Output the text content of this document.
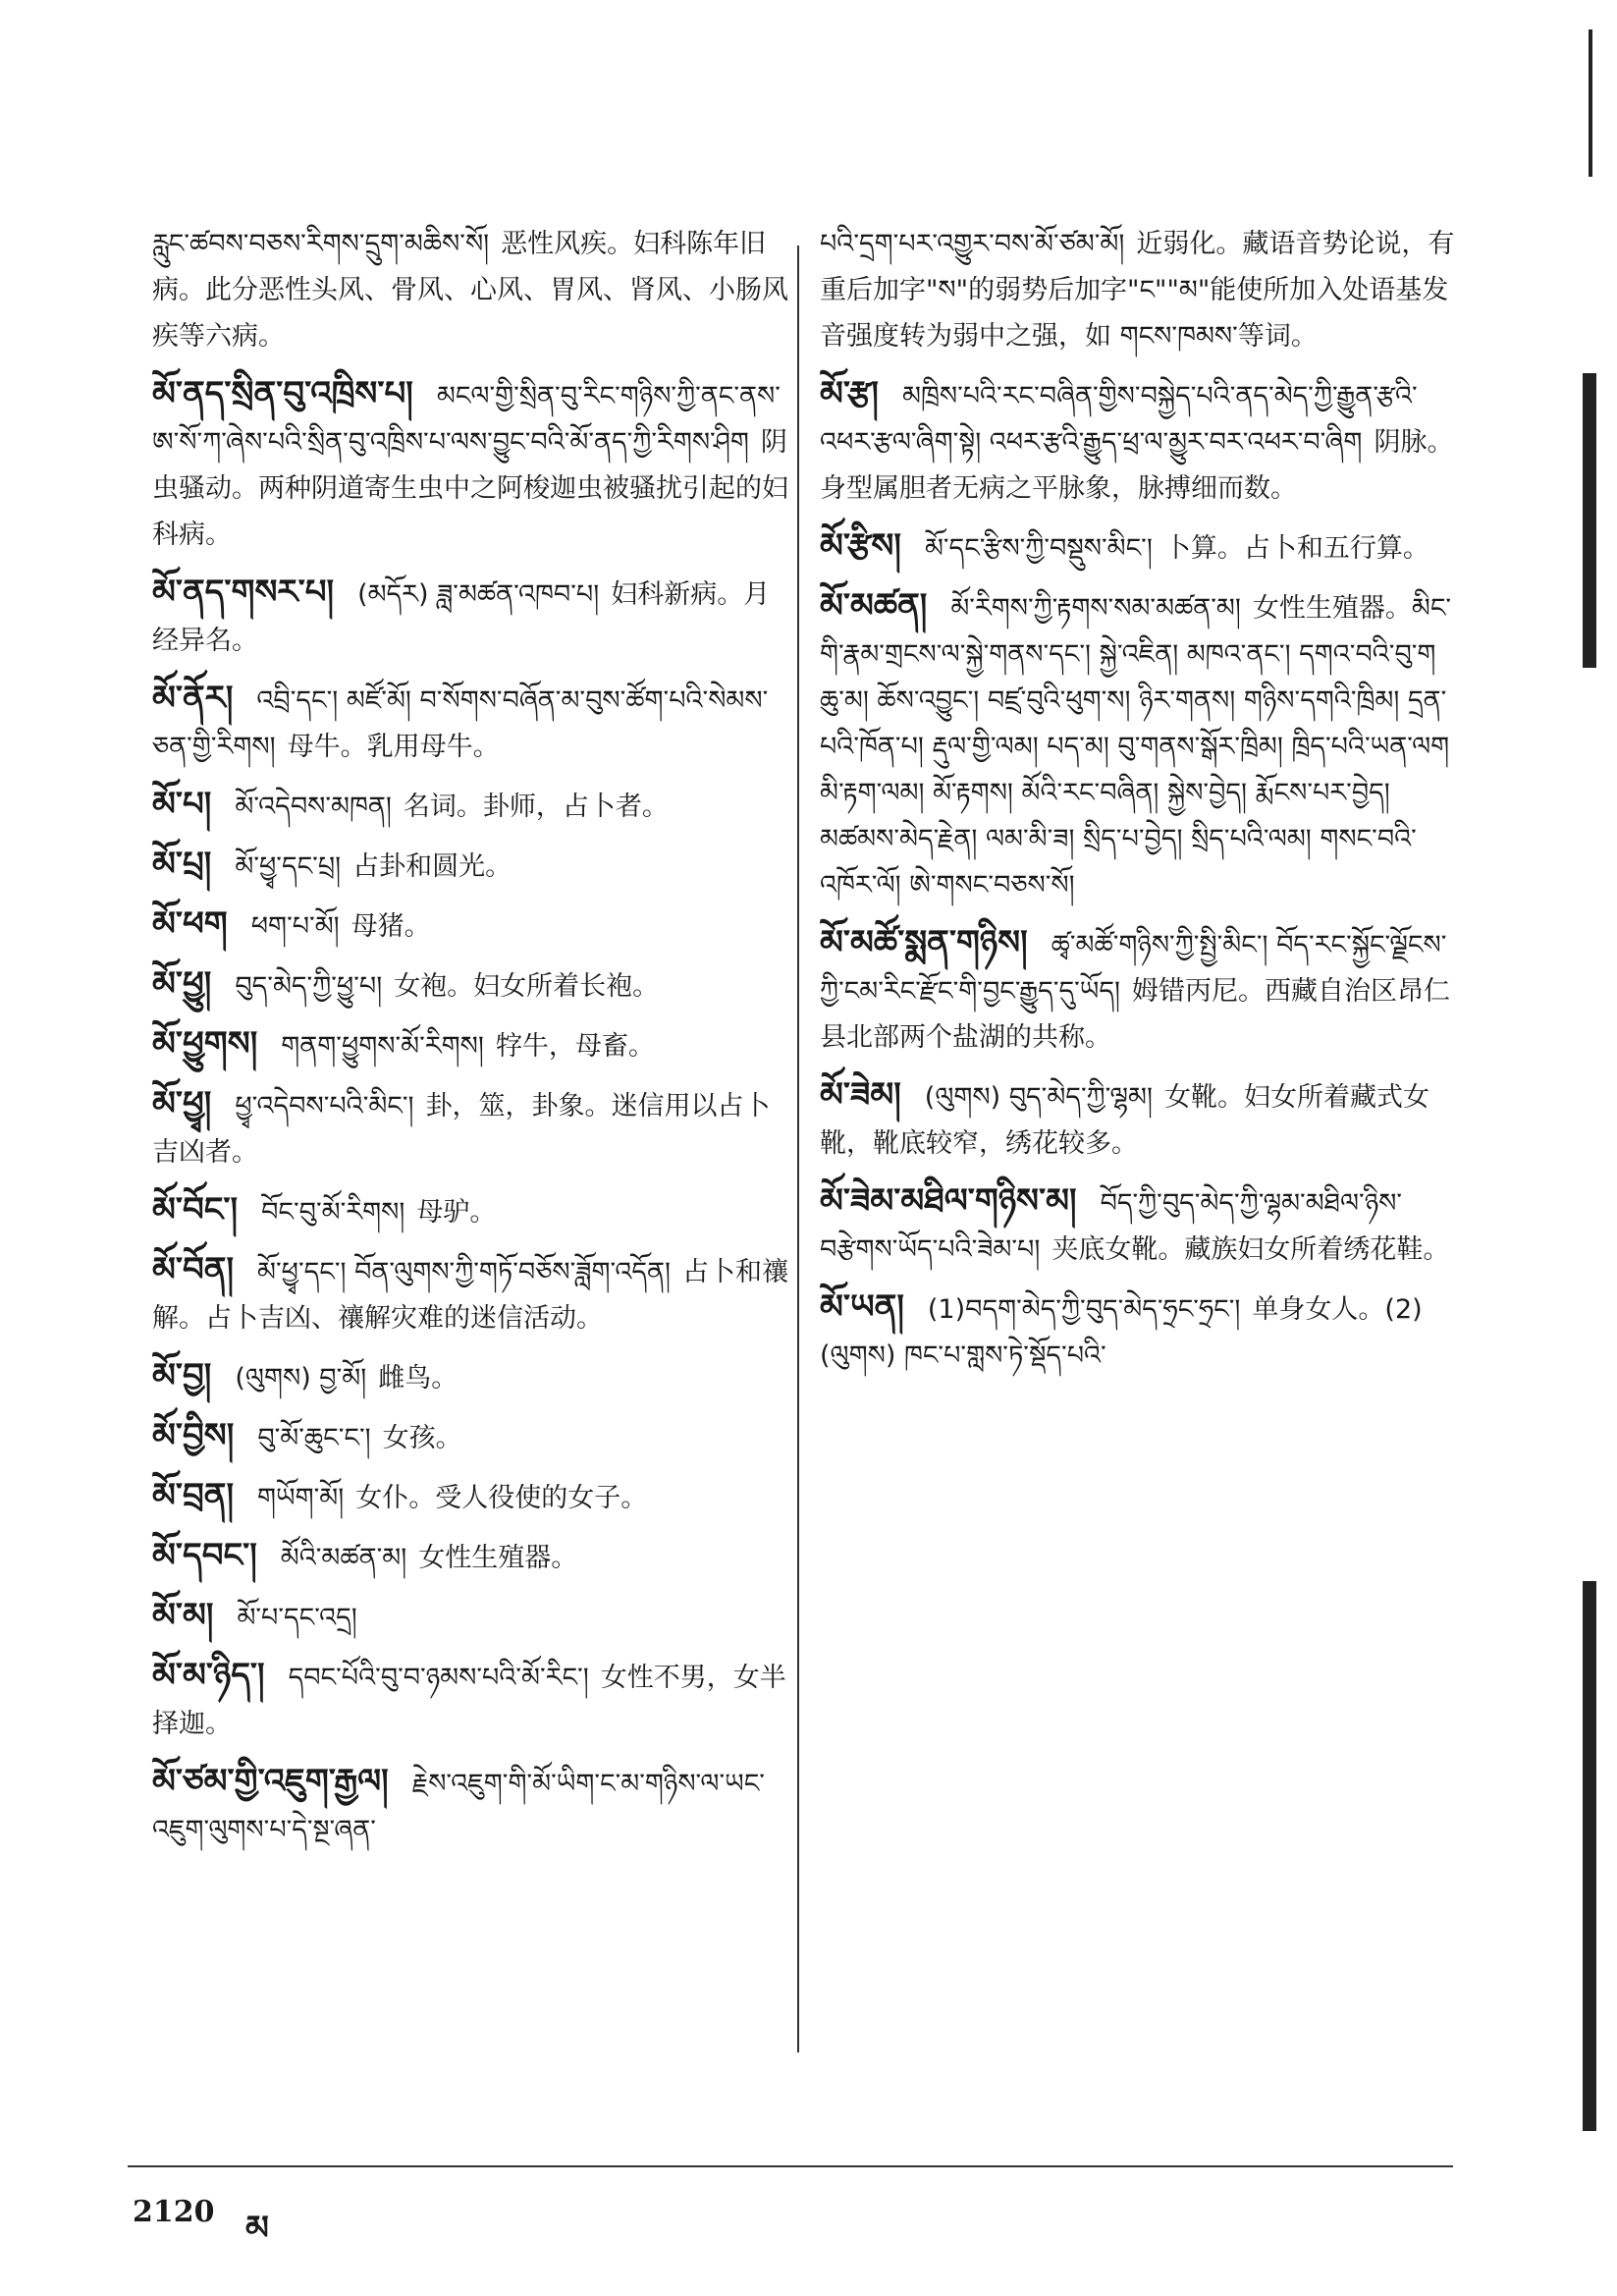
རླུང་ཚབས་བཅས་རིགས་དྲུག་མཆིས་སོ། 恶性风疾。妇科陈年旧病。此分恶性头风、骨风、心风、胃风、肾风、小肠风疾等六病。
མོ་ནད་སྲིན་བུ་འཁྲིས་པ། མངལ་གྱི་སྲིན་བུ་རིང་གཉིས་ཀྱི་ནང་ནས་ཨ་སོ་ཀ་ཞེས་པའི་སྲིན་བུ་འཁྲིས་པ་ལས་བྱུང་བའི་མོ་ནད་ཀྱི་རིགས་ཤིག 阴虫骚动。两种阴道寄生虫中之阿梭迦虫被骚扰引起的妇科病。
མོ་ནད་གསར་པ། (མདོར) ཟླ་མཚན་འཁབ་པ། 妇科新病。月经异名。
མོ་ནོར། འབྲི་དང་། མཛོ་མོ། བ་སོགས་བཞོན་མ་བུས་ཚོག་པའི་སེམས་ཅན་གྱི་རིགས། 母牛。乳用母牛。
མོ་པ། མོ་འདེབས་མཁན། 名词。卦师，占卜者。
མོ་པྲ། མོ་ཕྱྭ་དང་པྲ། 占卦和圆光。
མོ་ཕག ཕག་པ་མོ། 母猪。
མོ་ཕྱུ། བུད་མེད་ཀྱི་ཕྱུ་པ། 女袍。妇女所着长袍。
མོ་ཕྱུགས། གནག་ཕྱུགས་མོ་རིགས། 牸牛，母畜。
མོ་ཕྱྭ། ཕྱྭ་འདེབས་པའི་མིང་། 卦，筮，卦象。迷信用以占卜吉凶者。
མོ་བོང་། བོང་བུ་མོ་རིགས། 母驴。
མོ་བོན། མོ་ཕྱྭ་དང་། བོན་ལུགས་ཀྱི་གཏོ་བཅོས་ཟློག་འདོན། 占卜和禳解。占卜吉凶、禳解灾难的迷信活动。
མོ་བྱ། (ལུགས) བྱ་མོ། 雌鸟。
མོ་བྱིས། བུ་མོ་ཆུང་ང་། 女孩。
མོ་བྲན། གཡོག་མོ། 女仆。受人役使的女子。
མོ་དབང་། མོའི་མཚན་མ། 女性生殖器。
མོ་མ། མོ་པ་དང་འདྲ།
མོ་མ་ཉིད་། དབང་པོའི་བུ་བ་ཉམས་པའི་མོ་རིང་། 女性不男，女半择迦。
མོ་ཙམ་གྱི་འཇུག་རྒྱལ། རྗེས་འཇུག་གི་མོ་ཡིག་ང་མ་གཉིས་ལ་ཡང་འཇུག་ལུགས་པ་དེ་སྔ་ཞན་
པའི་དྲག་པར་འགྱུར་བས་མོ་ཙམ་མོ། 近弱化。藏语音势论说，有重后加字"ས"的弱势后加字"ང""མ"能使所加入处语基发音强度转为弱中之强，如 གངས་ཁམས་等词。
མོ་རྩ། མཁྲིས་པའི་རང་བཞིན་གྱིས་བསྐྱེད་པའི་ནད་མེད་ཀྱི་རྒྱུན་རྩའི་འཕར་རྩལ་ཞིག་སྟེ། འཕར་རྩའི་རྒྱུད་ཕྲ་ལ་མྱུར་བར་འཕར་བ་ཞིག 阴脉。身型属胆者无病之平脉象，脉搏细而数。
མོ་རྩིས། མོ་དང་རྩིས་ཀྱི་བསྡུས་མིང་། 卜算。占卜和五行算。
མོ་མཚན། མོ་རིགས་ཀྱི་རྟགས་སམ་མཚན་མ། 女性生殖器。མིང་གི་རྣམ་གྲངས་ལ་སྐྱེ་གནས་དང་། སྐྱེ་འཇིན། མཁའ་ནང་། དགའ་བའི་བུ་ག ཆུ་མ། ཆོས་འབྱུང་། བཛྲ་བུའི་ཕུག་ས། ཉིར་གནས། གཉིས་དགའི་ཁྲིམ། དྲན་པའི་ཁོན་པ། རྡུལ་གྱི་ལམ། པད་མ། བུ་གནས་སྒོར་ཁྲིམ། ཁྲིད་པའི་ཡན་ལག མི་རྟག་ལམ། མོ་རྟགས། མོའི་རང་བཞིན། སྐྱེས་བྱེད། རྨོངས་པར་བྱེད། མཚམས་མེད་རྗེན། ལམ་མི་ཟ། སྲིད་པ་བྱེད། སྲིད་པའི་ལམ། གསང་བའི་འཁོར་ལོ། ཨེ་གསང་བཅས་སོ།
མོ་མཚོ་སྨན་གཉིས། ཚྭ་མཚོ་གཉིས་ཀྱི་སྤྱི་མིང་། བོད་རང་སྐྱོང་ལྗོངས་ཀྱི་ངམ་རིང་རྫོང་གི་བྱང་རྒྱུད་དུ་ཡོད། 姆错丙尼。西藏自治区昂仁县北部两个盐湖的共称。
མོ་ཟེམ། (ལུགས) བུད་མེད་ཀྱི་ལྷམ། 女靴。妇女所着藏式女靴，靴底较窄，绣花较多。
མོ་ཟེམ་མཐིལ་གཉིས་མ། བོད་ཀྱི་བུད་མེད་ཀྱི་ལྷམ་མཐིལ་ཉིས་བརྩེགས་ཡོད་པའི་ཟེམ་པ། 夹底女靴。藏族妇女所着绣花鞋。
མོ་ཡན། (1)བདག་མེད་ཀྱི་བུད་མེད་ཧྲང་ཧྲང་། 单身女人。(2)(ལུགས) ཁང་པ་གླས་ཏེ་སྡོད་པའི་
2120 མ
